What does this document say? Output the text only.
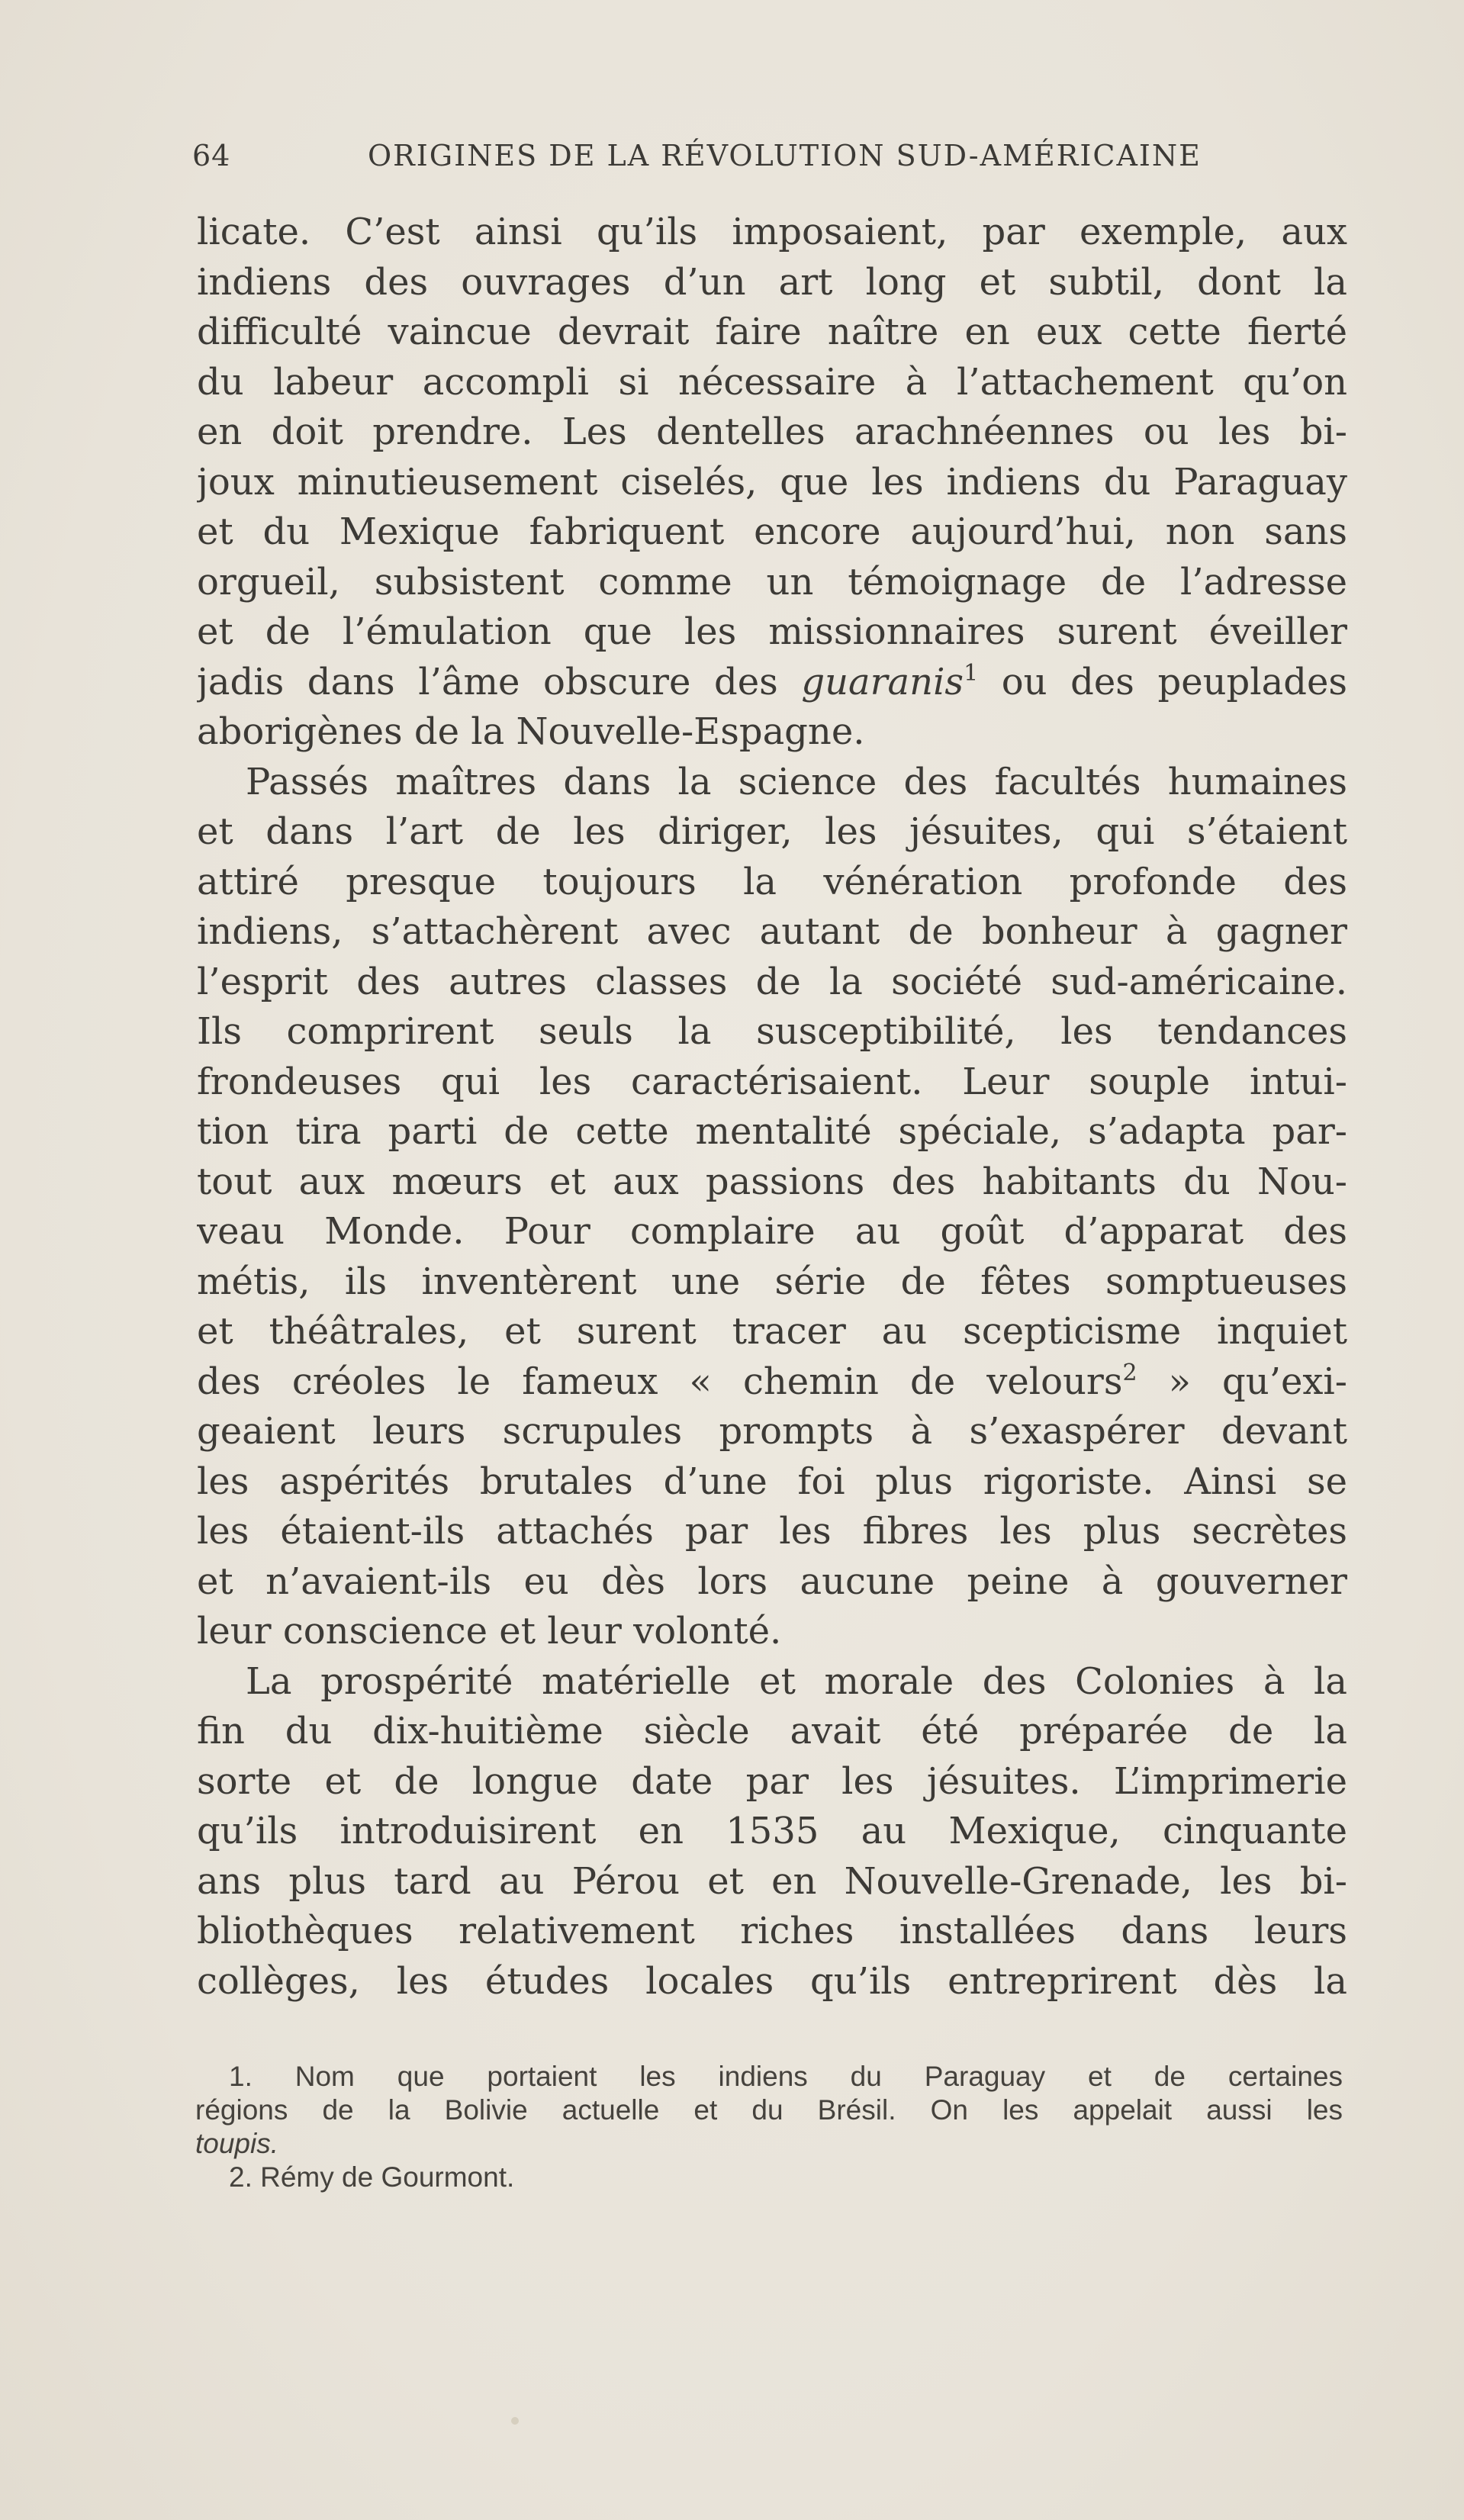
64	ORIGINES DE LA RÉVOLUTION SUD-AMÉRICAINE
licate. C’est ainsi qu’ils imposaient, par exemple, aux
indiens des ouvrages d’un art long et subtil, dont la
difficulté vaincue devrait faire naître en eux cette fierté
du labeur accompli si nécessaire à l’attachement qu’on
en doit prendre. Les dentelles arachnéennes ou les bi-
joux minutieusement ciselés, que les indiens du Paraguay
et du Mexique fabriquent encore aujourd’hui, non sans
orgueil, subsistent comme un témoignage de l’adresse
et de l’émulation que les missionnaires surent éveiller
jadis dans l’âme obscure des guaranis$^1$ ou des peuplades
aborigènes de la Nouvelle-Espagne.
Passés maîtres dans la science des facultés humaines
et dans l’art de les diriger, les jésuites, qui s’étaient
attiré presque toujours la vénération profonde des
indiens, s’attachèrent avec autant de bonheur à gagner
l’esprit des autres classes de la société sud-américaine.
Ils comprirent seuls la susceptibilité, les tendances
frondeuses qui les caractérisaient. Leur souple intui-
tion tira parti de cette mentalité spéciale, s’adapta par-
tout aux mœurs et aux passions des habitants du Nou-
veau Monde. Pour complaire au goût d’apparat des
métis, ils inventèrent une série de fêtes somptueuses
et théâtrales, et surent tracer au scepticisme inquiet
des créoles le fameux « chemin de velours$^2$ » qu’exi-
geaient leurs scrupules prompts à s’exaspérer devant
les aspérités brutales d’une foi plus rigoriste. Ainsi se
les étaient-ils attachés par les fibres les plus secrètes
et n’avaient-ils eu dès lors aucune peine à gouverner
leur conscience et leur volonté.
La prospérité matérielle et morale des Colonies à la
fin du dix-huitième siècle avait été préparée de la
sorte et de longue date par les jésuites. L’imprimerie
qu’ils introduisirent en 1535 au Mexique, cinquante
ans plus tard au Pérou et en Nouvelle-Grenade, les bi-
bliothèques relativement riches installées dans leurs
collèges, les études locales qu’ils entreprirent dès la
1. Nom que portaient les indiens du Paraguay et de certaines
régions de la Bolivie actuelle et du Brésil. On les appelait aussi les
toupis.
2. Rémy de Gourmont.
